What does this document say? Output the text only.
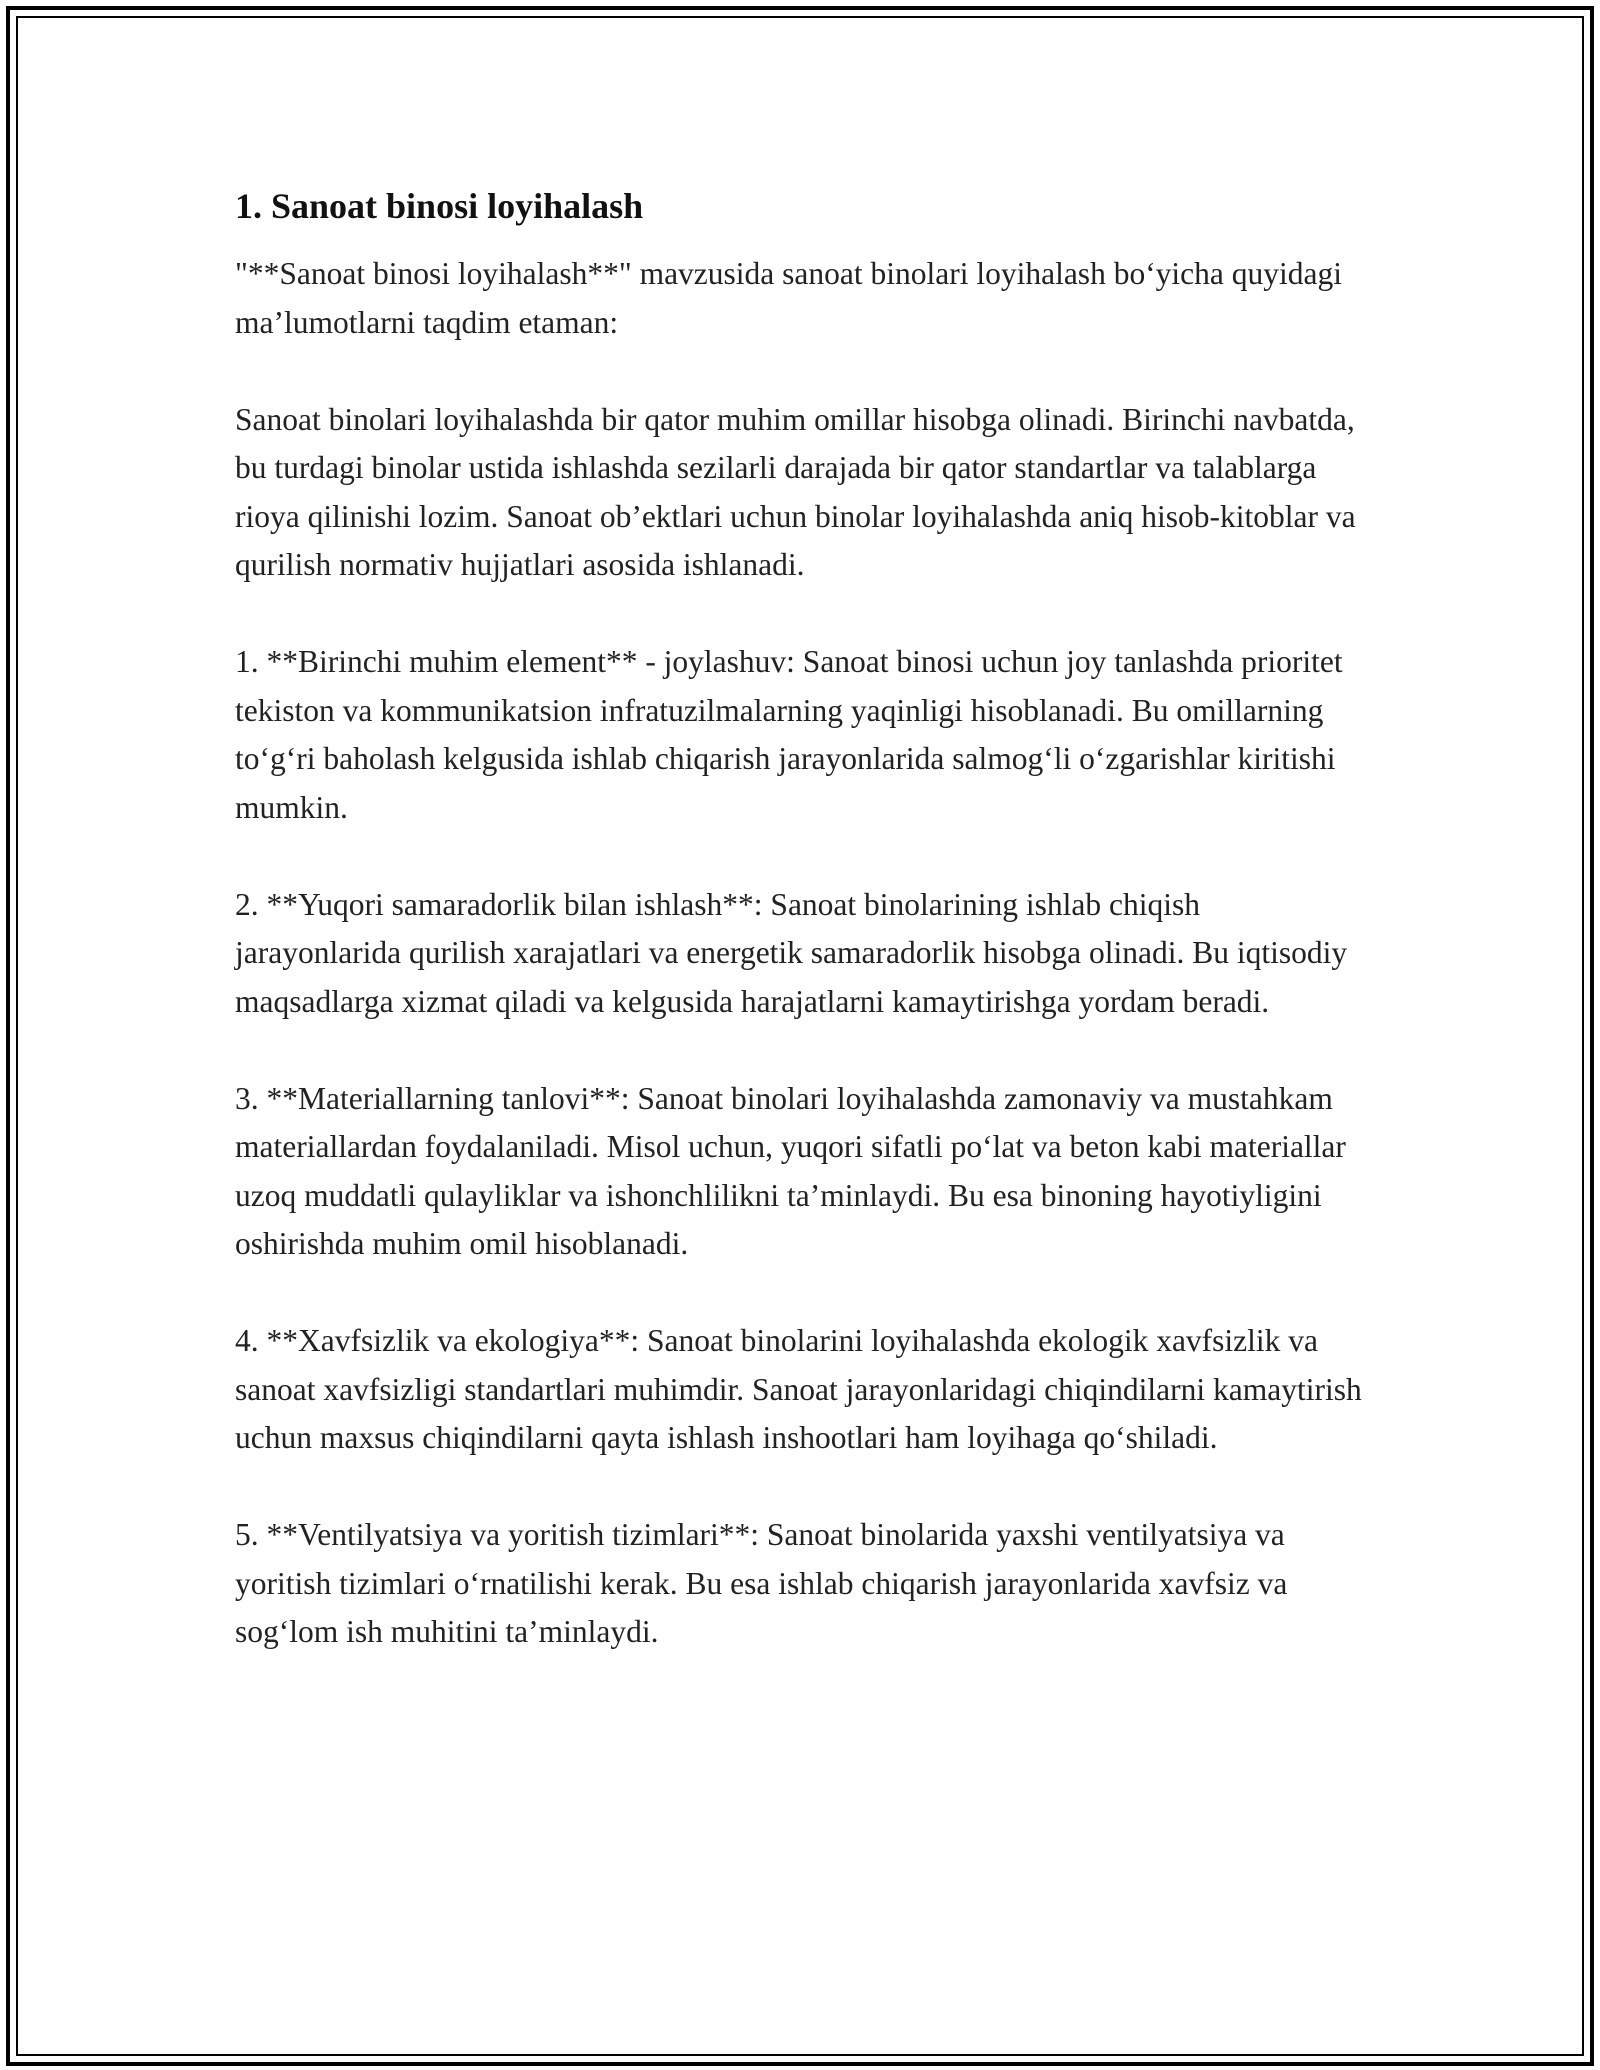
1. Sanoat binosi loyihalash

"**Sanoat binosi loyihalash**" mavzusida sanoat binolari loyihalash bo‘yicha quyidagi ma’lumotlarni taqdim etaman:

Sanoat binolari loyihalashda bir qator muhim omillar hisobga olinadi. Birinchi navbatda, bu turdagi binolar ustida ishlashda sezilarli darajada bir qator standartlar va talablarga rioya qilinishi lozim. Sanoat ob’ektlari uchun binolar loyihalashda aniq hisob-kitoblar va qurilish normativ hujjatlari asosida ishlanadi.

1. **Birinchi muhim element** - joylashuv: Sanoat binosi uchun joy tanlashda prioritet tekiston va kommunikatsion infratuzilmalarning yaqinligi hisoblanadi. Bu omillarning to‘g‘ri baholash kelgusida ishlab chiqarish jarayonlarida salmog‘li o‘zgarishlar kiritishi mumkin.

2. **Yuqori samaradorlik bilan ishlash**: Sanoat binolarining ishlab chiqish jarayonlarida qurilish xarajatlari va energetik samaradorlik hisobga olinadi. Bu iqtisodiy maqsadlarga xizmat qiladi va kelgusida harajatlarni kamaytirishga yordam beradi.

3. **Materiallarning tanlovi**: Sanoat binolari loyihalashda zamonaviy va mustahkam materiallardan foydalaniladi. Misol uchun, yuqori sifatli po‘lat va beton kabi materiallar uzoq muddatli qulayliklar va ishonchlilikni ta’minlaydi. Bu esa binoning hayotiyligini oshirishda muhim omil hisoblanadi.

4. **Xavfsizlik va ekologiya**: Sanoat binolarini loyihalashda ekologik xavfsizlik va sanoat xavfsizligi standartlari muhimdir. Sanoat jarayonlaridagi chiqindilarni kamaytirish uchun maxsus chiqindilarni qayta ishlash inshootlari ham loyihaga qo‘shiladi.

5. **Ventilyatsiya va yoritish tizimlari**: Sanoat binolarida yaxshi ventilyatsiya va yoritish tizimlari o‘rnatilishi kerak. Bu esa ishlab chiqarish jarayonlarida xavfsiz va sog‘lom ish muhitini ta’minlaydi.
